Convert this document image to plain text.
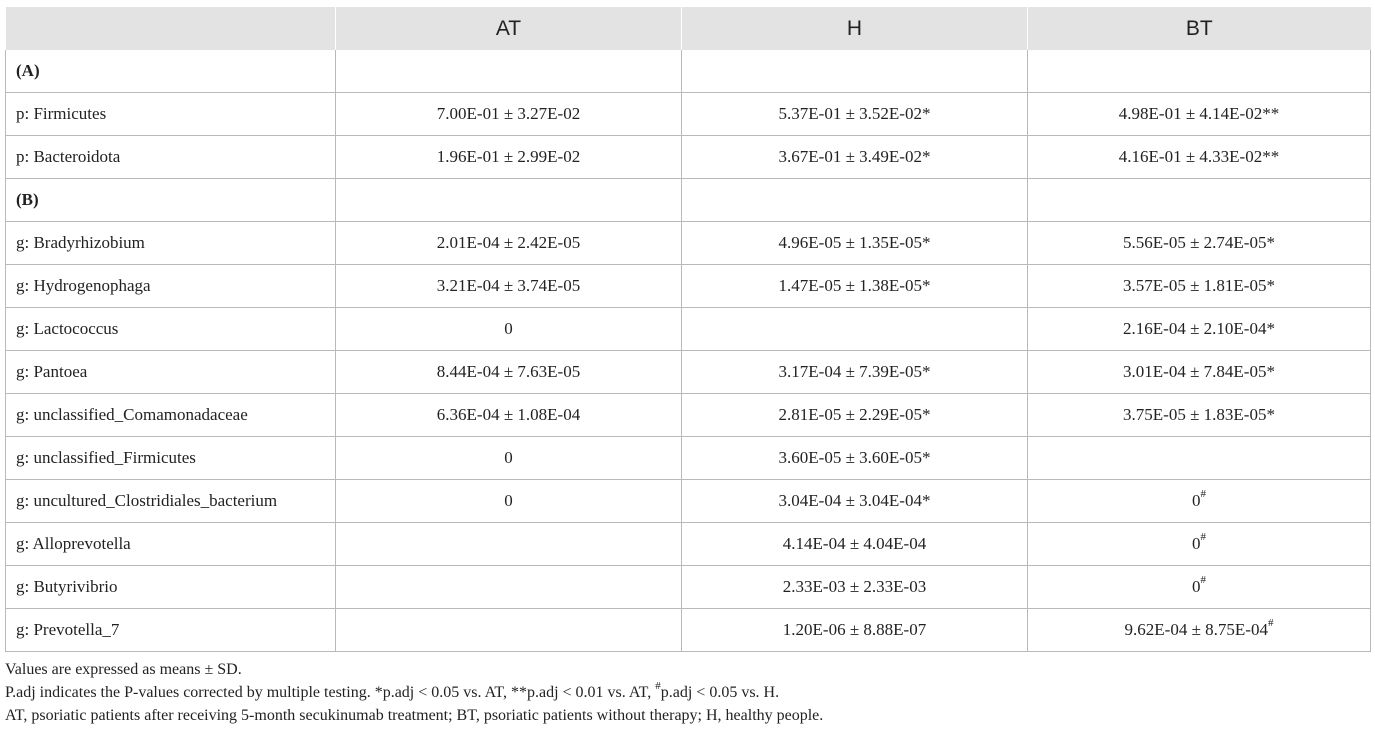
	AT	H	BT
(A)			
p: Firmicutes	7.00E-01 ± 3.27E-02	5.37E-01 ± 3.52E-02*	4.98E-01 ± 4.14E-02**
p: Bacteroidota	1.96E-01 ± 2.99E-02	3.67E-01 ± 3.49E-02*	4.16E-01 ± 4.33E-02**
(B)			
g: Bradyrhizobium	2.01E-04 ± 2.42E-05	4.96E-05 ± 1.35E-05*	5.56E-05 ± 2.74E-05*
g: Hydrogenophaga	3.21E-04 ± 3.74E-05	1.47E-05 ± 1.38E-05*	3.57E-05 ± 1.81E-05*
g: Lactococcus	0		2.16E-04 ± 2.10E-04*
g: Pantoea	8.44E-04 ± 7.63E-05	3.17E-04 ± 7.39E-05*	3.01E-04 ± 7.84E-05*
g: unclassified_Comamonadaceae	6.36E-04 ± 1.08E-04	2.81E-05 ± 2.29E-05*	3.75E-05 ± 1.83E-05*
g: unclassified_Firmicutes	0	3.60E-05 ± 3.60E-05*	
g: uncultured_Clostridiales_bacterium	0	3.04E-04 ± 3.04E-04*	0#
g: Alloprevotella		4.14E-04 ± 4.04E-04	0#
g: Butyrivibrio		2.33E-03 ± 2.33E-03	0#
g: Prevotella_7		1.20E-06 ± 8.88E-07	9.62E-04 ± 8.75E-04#
Values are expressed as means ± SD.
P.adj indicates the P-values corrected by multiple testing. *p.adj < 0.05 vs. AT, **p.adj < 0.01 vs. AT, #p.adj < 0.05 vs. H.
AT, psoriatic patients after receiving 5-month secukinumab treatment; BT, psoriatic patients without therapy; H, healthy people.
